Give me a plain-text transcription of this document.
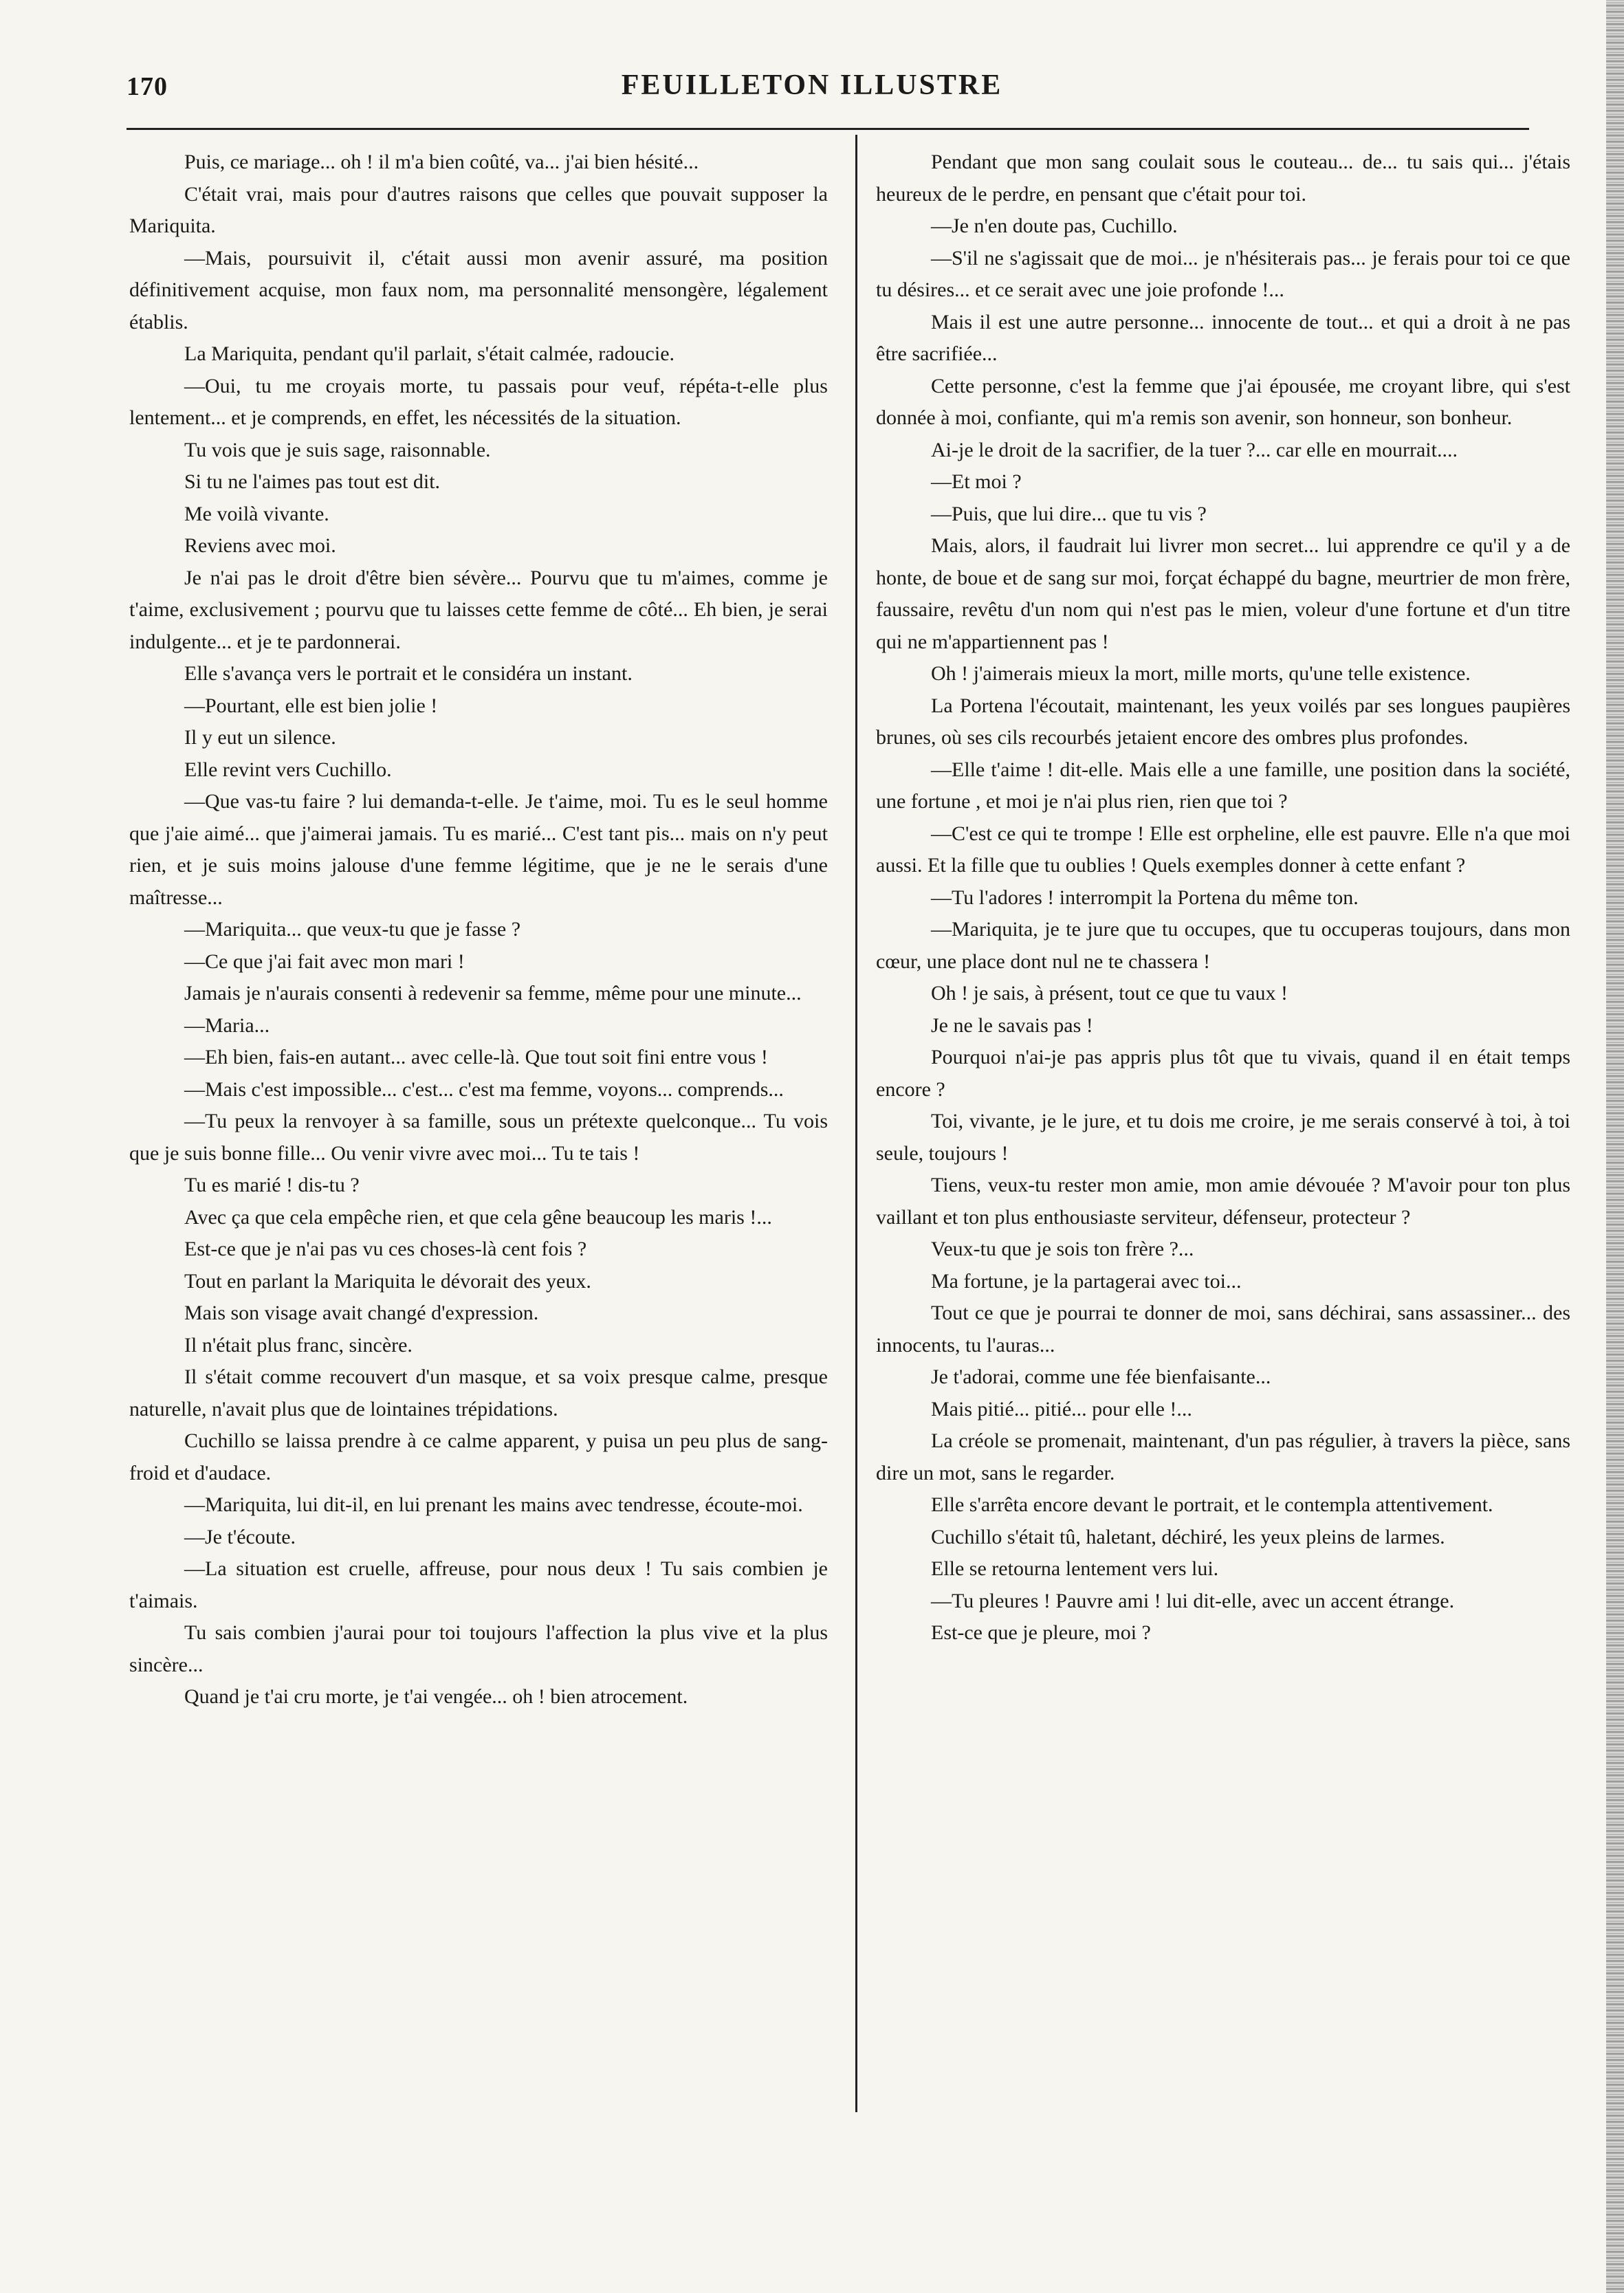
170	FEUILLETON ILLUSTRE

Puis, ce mariage... oh ! il m'a bien coûté, va... j'ai bien hésité...

C'était vrai, mais pour d'autres raisons que celles que pouvait supposer la Mariquita.

—Mais, poursuivit il, c'était aussi mon avenir assuré, ma position définitivement acquise, mon faux nom, ma personnalité mensongère, légalement établis.

La Mariquita, pendant qu'il parlait, s'était calmée, radoucie.

—Oui, tu me croyais morte, tu passais pour veuf, répéta-t-elle plus lentement... et je comprends, en effet, les nécessités de la situation.

Tu vois que je suis sage, raisonnable.

Si tu ne l'aimes pas tout est dit.

Me voilà vivante.

Reviens avec moi.

Je n'ai pas le droit d'être bien sévère... Pourvu que tu m'aimes, comme je t'aime, exclusivement ; pourvu que tu laisses cette femme de côté... Eh bien, je serai indulgente... et je te pardonnerai.

Elle s'avança vers le portrait et le considéra un instant.

—Pourtant, elle est bien jolie !

Il y eut un silence.

Elle revint vers Cuchillo.

—Que vas-tu faire ? lui demanda-t-elle. Je t'aime, moi. Tu es le seul homme que j'aie aimé... que j'aimerai jamais. Tu es marié... C'est tant pis... mais on n'y peut rien, et je suis moins jalouse d'une femme légitime, que je ne le serais d'une maîtresse...

—Mariquita... que veux-tu que je fasse ?

—Ce que j'ai fait avec mon mari !

Jamais je n'aurais consenti à redevenir sa femme, même pour une minute...

—Maria...

—Eh bien, fais-en autant... avec celle-là. Que tout soit fini entre vous !

—Mais c'est impossible... c'est... c'est ma femme, voyons... comprends...

—Tu peux la renvoyer à sa famille, sous un prétexte quelconque... Tu vois que je suis bonne fille... Ou venir vivre avec moi... Tu te tais !

Tu es marié ! dis-tu ?

Avec ça que cela empêche rien, et que cela gêne beaucoup les maris !...

Est-ce que je n'ai pas vu ces choses-là cent fois ?

Tout en parlant la Mariquita le dévorait des yeux.

Mais son visage avait changé d'expression.

Il n'était plus franc, sincère.

Il s'était comme recouvert d'un masque, et sa voix presque calme, presque naturelle, n'avait plus que de lointaines trépidations.

Cuchillo se laissa prendre à ce calme apparent, y puisa un peu plus de sang-froid et d'audace.

—Mariquita, lui dit-il, en lui prenant les mains avec tendresse, écoute-moi.

—Je t'écoute.

—La situation est cruelle, affreuse, pour nous deux ! Tu sais combien je t'aimais.

Tu sais combien j'aurai pour toi toujours l'affection la plus vive et la plus sincère...

Quand je t'ai cru morte, je t'ai vengée... oh ! bien atrocement.

Pendant que mon sang coulait sous le couteau... de... tu sais qui... j'étais heureux de le perdre, en pensant que c'était pour toi.

—Je n'en doute pas, Cuchillo.

—S'il ne s'agissait que de moi... je n'hésiterais pas... je ferais pour toi ce que tu désires... et ce serait avec une joie profonde !...

Mais il est une autre personne... innocente de tout... et qui a droit à ne pas être sacrifiée...

Cette personne, c'est la femme que j'ai épousée, me croyant libre, qui s'est donnée à moi, confiante, qui m'a remis son avenir, son honneur, son bonheur.

Ai-je le droit de la sacrifier, de la tuer ?... car elle en mourrait....

—Et moi ?

—Puis, que lui dire... que tu vis ?

Mais, alors, il faudrait lui livrer mon secret... lui apprendre ce qu'il y a de honte, de boue et de sang sur moi, forçat échappé du bagne, meurtrier de mon frère, faussaire, revêtu d'un nom qui n'est pas le mien, voleur d'une fortune et d'un titre qui ne m'appartiennent pas !

Oh ! j'aimerais mieux la mort, mille morts, qu'une telle existence.

La Portena l'écoutait, maintenant, les yeux voilés par ses longues paupières brunes, où ses cils recourbés jetaient encore des ombres plus profondes.

—Elle t'aime ! dit-elle. Mais elle a une famille, une position dans la société, une fortune , et moi je n'ai plus rien, rien que toi ?

—C'est ce qui te trompe ! Elle est orpheline, elle est pauvre. Elle n'a que moi aussi. Et la fille que tu oublies ! Quels exemples donner à cette enfant ?

—Tu l'adores ! interrompit la Portena du même ton.

—Mariquita, je te jure que tu occupes, que tu occuperas toujours, dans mon cœur, une place dont nul ne te chassera !

Oh ! je sais, à présent, tout ce que tu vaux !

Je ne le savais pas !

Pourquoi n'ai-je pas appris plus tôt que tu vivais, quand il en était temps encore ?

Toi, vivante, je le jure, et tu dois me croire, je me serais conservé à toi, à toi seule, toujours !

Tiens, veux-tu rester mon amie, mon amie dévouée ? M'avoir pour ton plus vaillant et ton plus enthousiaste serviteur, défenseur, protecteur ?

Veux-tu que je sois ton frère ?...

Ma fortune, je la partagerai avec toi...

Tout ce que je pourrai te donner de moi, sans déchirai, sans assassiner... des innocents, tu l'auras...

Je t'adorai, comme une fée bienfaisante...

Mais pitié... pitié... pour elle !...

La créole se promenait, maintenant, d'un pas régulier, à travers la pièce, sans dire un mot, sans le regarder.

Elle s'arrêta encore devant le portrait, et le contempla attentivement.

Cuchillo s'était tû, haletant, déchiré, les yeux pleins de larmes.

Elle se retourna lentement vers lui.

—Tu pleures ! Pauvre ami ! lui dit-elle, avec un accent étrange.

Est-ce que je pleure, moi ?
